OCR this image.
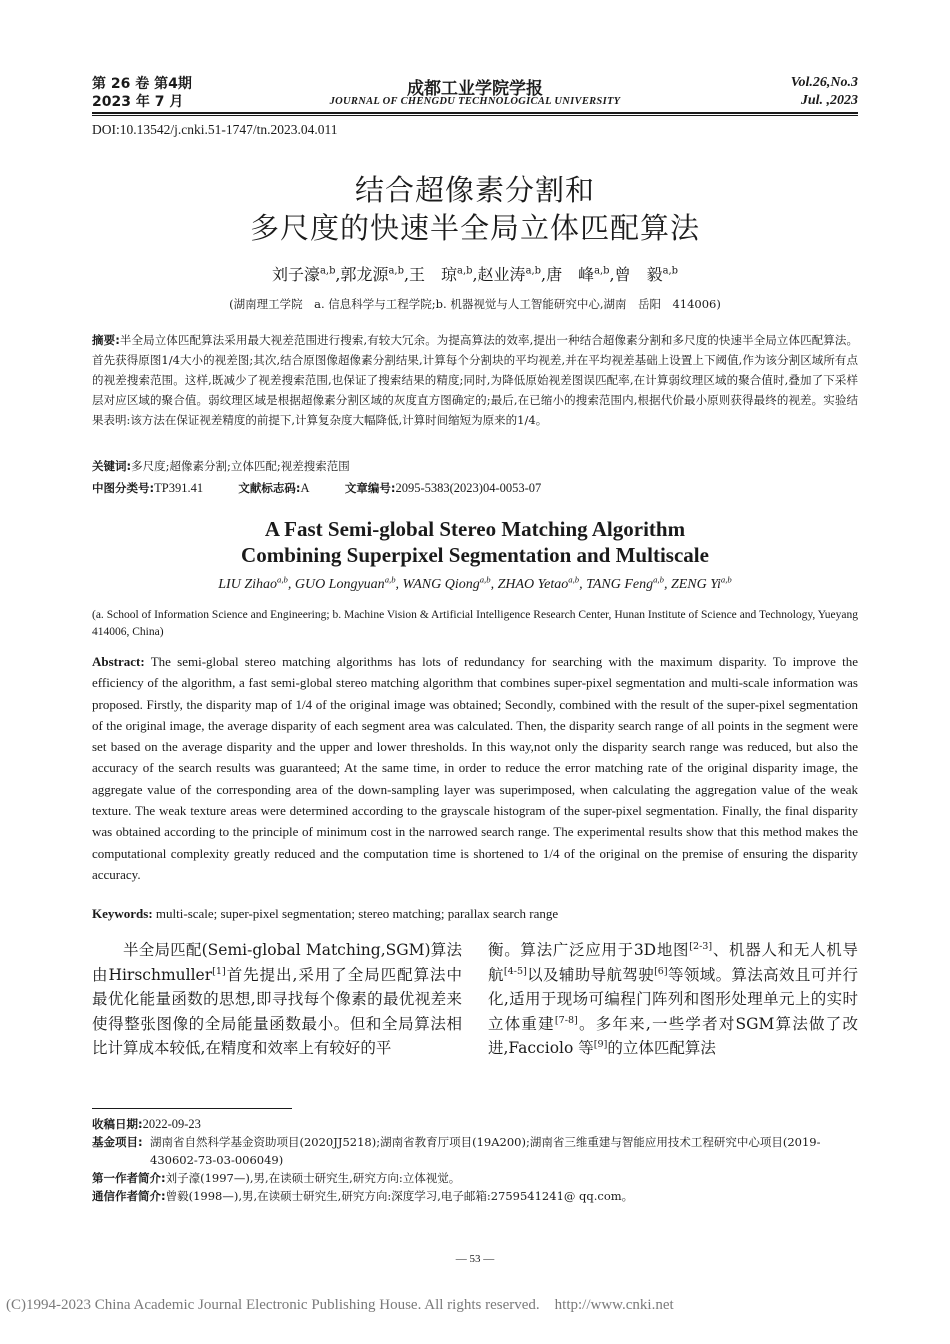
第 26 卷 第4期
2023 年 7 月
成都工业学院学报
JOURNAL OF CHENGDU TECHNOLOGICAL UNIVERSITY
Vol.26,No.3
Jul. ,2023
DOI:10.13542/j.cnki.51-1747/tn.2023.04.011
结合超像素分割和
多尺度的快速半全局立体匹配算法
刘子濠$^{a,b}$,郭龙源$^{a,b}$,王　琼$^{a,b}$,赵业涛$^{a,b}$,唐　峰$^{a,b}$,曾　毅$^{a,b}$
(湖南理工学院　a. 信息科学与工程学院;b. 机器视觉与人工智能研究中心,湖南　岳阳　414006)
摘要:半全局立体匹配算法采用最大视差范围进行搜索,有较大冗余。为提高算法的效率,提出一种结合超像素分割和多尺度的快速半全局立体匹配算法。首先获得原图1/4大小的视差图;其次,结合原图像超像素分割结果,计算每个分割块的平均视差,并在平均视差基础上设置上下阈值,作为该分割区域所有点的视差搜索范围。这样,既减少了视差搜索范围,也保证了搜索结果的精度;同时,为降低原始视差图误匹配率,在计算弱纹理区域的聚合值时,叠加了下采样层对应区域的聚合值。弱纹理区域是根据超像素分割区域的灰度直方图确定的;最后,在已缩小的搜索范围内,根据代价最小原则获得最终的视差。实验结果表明:该方法在保证视差精度的前提下,计算复杂度大幅降低,计算时间缩短为原来的1/4。
关键词:多尺度;超像素分割;立体匹配;视差搜索范围
中图分类号:TP391.41	文献标志码:A	文章编号:2095-5383(2023)04-0053-07
A Fast Semi-global Stereo Matching Algorithm
Combining Superpixel Segmentation and Multiscale
LIU Zihao$^{a,b}$, GUO Longyuan$^{a,b}$, WANG Qiong$^{a,b}$, ZHAO Yetao$^{a,b}$, TANG Feng$^{a,b}$, ZENG Yi$^{a,b}$
(a. School of Information Science and Engineering; b. Machine Vision & Artificial Intelligence Research Center, Hunan Institute of Science and Technology, Yueyang 414006, China)
Abstract: The semi-global stereo matching algorithms has lots of redundancy for searching with the maximum disparity. To improve the efficiency of the algorithm, a fast semi-global stereo matching algorithm that combines super-pixel segmentation and multi-scale information was proposed. Firstly, the disparity map of 1/4 of the original image was obtained; Secondly, combined with the result of the super-pixel segmentation of the original image, the average disparity of each segment area was calculated. Then, the disparity search range of all points in the segment were set based on the average disparity and the upper and lower thresholds. In this way,not only the disparity search range was reduced, but also the accuracy of the search results was guaranteed; At the same time, in order to reduce the error matching rate of the original disparity image, the aggregate value of the corresponding area of the down-sampling layer was superimposed, when calculating the aggregation value of the weak texture. The weak texture areas were determined according to the grayscale histogram of the super-pixel segmentation. Finally, the final disparity was obtained according to the principle of minimum cost in the narrowed search range. The experimental results show that this method makes the computational complexity greatly reduced and the computation time is shortened to 1/4 of the original on the premise of ensuring the disparity accuracy.
Keywords: multi-scale; super-pixel segmentation; stereo matching; parallax search range
半全局匹配(Semi-global Matching,SGM)算法由Hirschmuller[1]首先提出,采用了全局匹配算法中最优化能量函数的思想,即寻找每个像素的最优视差来使得整张图像的全局能量函数最小。但和全局算法相比计算成本较低,在精度和效率上有较好的平
衡。算法广泛应用于3D地图[2-3]、机器人和无人机导航[4-5]以及辅助导航驾驶[6]等领域。算法高效且可并行化,适用于现场可编程门阵列和图形处理单元上的实时立体重建[7-8]。多年来,一些学者对SGM算法做了改进,Facciolo 等[9]的立体匹配算法
收稿日期:2022-09-23
基金项目: 湖南省自然科学基金资助项目(2020JJ5218);湖南省教育厅项目(19A200);湖南省三维重建与智能应用技术工程研究中心项目(2019-430602-73-03-006049)
第一作者简介:刘子濠(1997—),男,在读硕士研究生,研究方向:立体视觉。
通信作者简介:曾毅(1998—),男,在读硕士研究生,研究方向:深度学习,电子邮箱:2759541241@ qq.com。
— 53 —
(C)1994-2023 China Academic Journal Electronic Publishing House. All rights reserved.    http://www.cnki.net
